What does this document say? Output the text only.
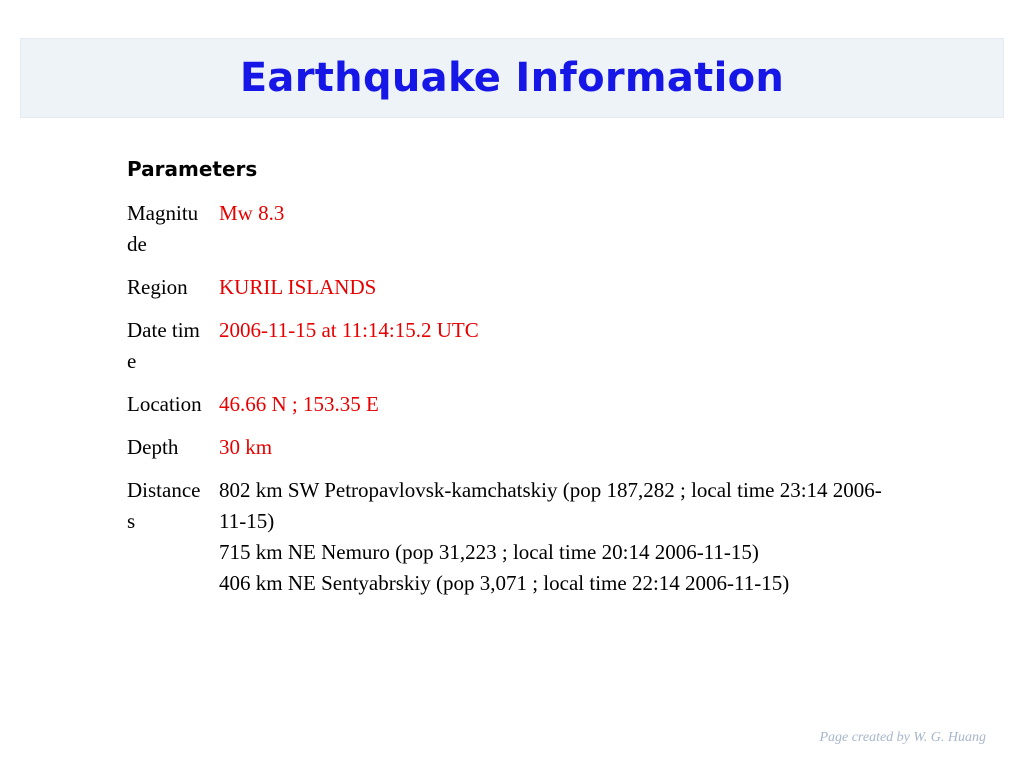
Earthquake Information
Parameters
Magnitude	Mw 8.3
Region	KURIL ISLANDS
Date time	2006-11-15 at 11:14:15.2 UTC
Location	46.66 N ; 153.35 E
Depth	30 km
Distances	802 km SW Petropavlovsk-kamchatskiy (pop 187,282 ; local time 23:14 2006-11-15)
715 km NE Nemuro (pop 31,223 ; local time 20:14 2006-11-15)
406 km NE Sentyabrskiy (pop 3,071 ; local time 22:14 2006-11-15)
Page created by W. G. Huang
